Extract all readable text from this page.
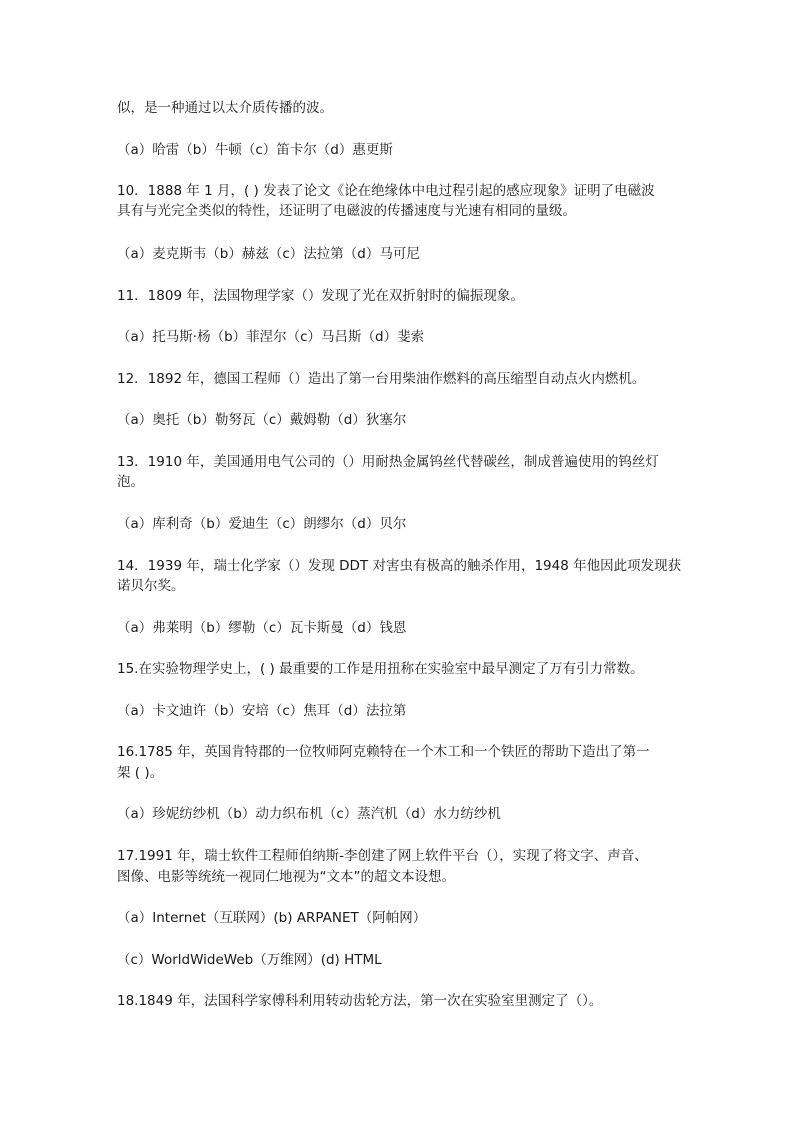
似，是一种通过以太介质传播的波。
（a）哈雷（b）牛顿（c）笛卡尔（d）惠更斯
10．1888 年 1 月，( ) 发表了论文《论在绝缘体中电过程引起的感应现象》证明了电磁波
具有与光完全类似的特性，还证明了电磁波的传播速度与光速有相同的量级。
（a）麦克斯韦（b）赫兹（c）法拉第（d）马可尼
11．1809 年，法国物理学家（）发现了光在双折射时的偏振现象。
（a）托马斯·杨（b）菲涅尔（c）马吕斯（d）斐索
12．1892 年，德国工程师（）造出了第一台用柴油作燃料的高压缩型自动点火内燃机。
（a）奥托（b）勒努瓦（c）戴姆勒（d）狄塞尔
13．1910 年，美国通用电气公司的（）用耐热金属钨丝代替碳丝，制成普遍使用的钨丝灯
泡。
（a）库利奇（b）爱迪生（c）朗缪尔（d）贝尔
14．1939 年，瑞士化学家（）发现 DDT 对害虫有极高的触杀作用，1948 年他因此项发现获
诺贝尔奖。
（a）弗莱明（b）缪勒（c）瓦卡斯曼（d）钱恩
15.在实验物理学史上，( ) 最重要的工作是用扭称在实验室中最早测定了万有引力常数。
（a）卡文迪许（b）安培（c）焦耳（d）法拉第
16.1785 年，英国肯特郡的一位牧师阿克赖特在一个木工和一个铁匠的帮助下造出了第一
架 ( )。
（a）珍妮纺纱机（b）动力织布机（c）蒸汽机（d）水力纺纱机
17.1991 年，瑞士软件工程师伯纳斯-李创建了网上软件平台（），实现了将文字、声音、
图像、电影等统统一视同仁地视为“文本”的超文本设想。
（a）Internet（互联网）(b) ARPANET（阿帕网）
（c）WorldWideWeb（万维网）(d) HTML
18.1849 年，法国科学家傅科利用转动齿轮方法，第一次在实验室里测定了（）。
